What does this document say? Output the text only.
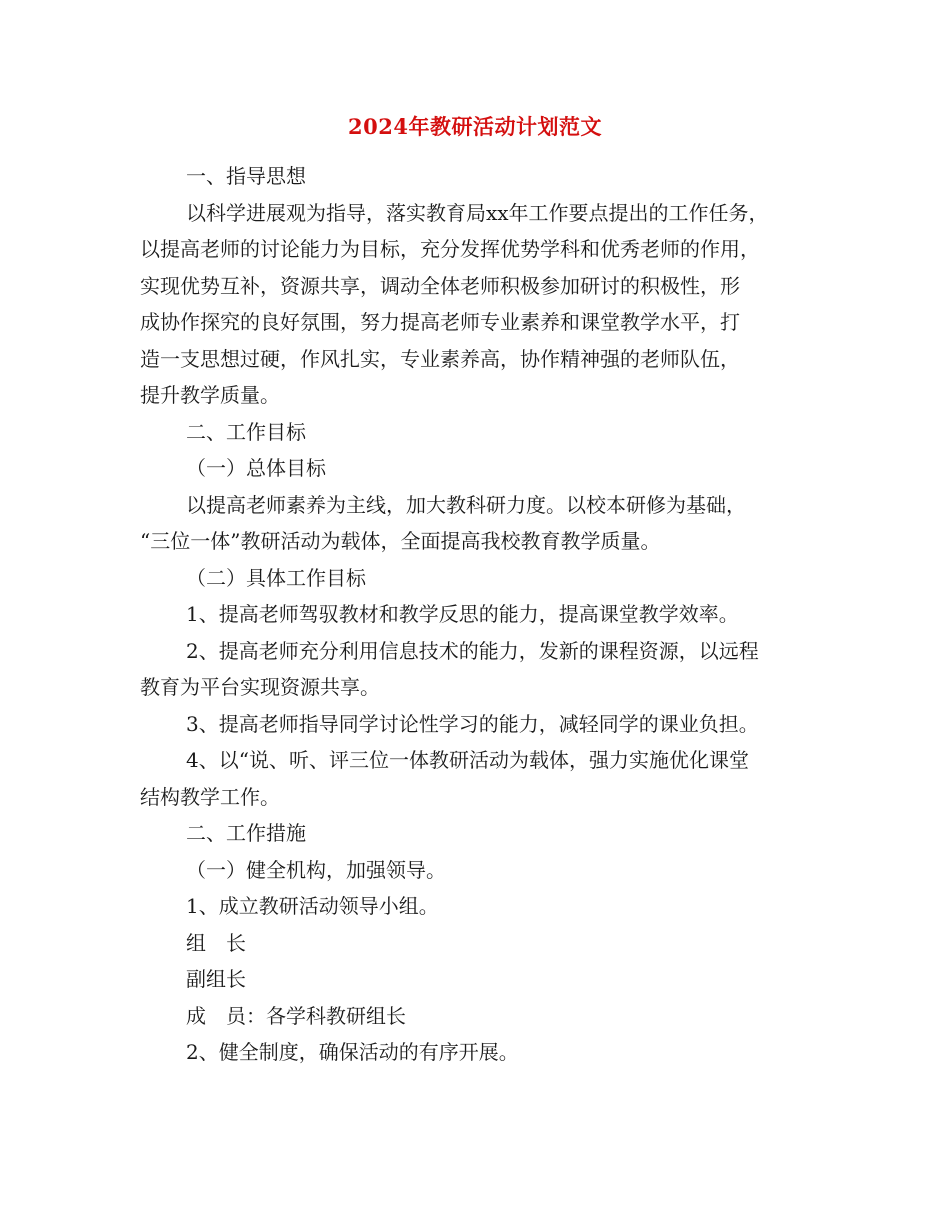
2024年教研活动计划范文

一、指导思想

以科学进展观为指导，落实教育局xx年工作要点提出的工作任务，

以提高老师的讨论能力为目标，充分发挥优势学科和优秀老师的作用，

实现优势互补，资源共享，调动全体老师积极参加研讨的积极性，形

成协作探究的良好氛围，努力提高老师专业素养和课堂教学水平，打

造一支思想过硬，作风扎实，专业素养高，协作精神强的老师队伍，

提升教学质量。

二、工作目标

（一）总体目标

以提高老师素养为主线，加大教科研力度。以校本研修为基础，

“三位一体”教研活动为载体，全面提高我校教育教学质量。

（二）具体工作目标

1、提高老师驾驭教材和教学反思的能力，提高课堂教学效率。

2、提高老师充分利用信息技术的能力，发新的课程资源，以远程

教育为平台实现资源共享。

3、提高老师指导同学讨论性学习的能力，减轻同学的课业负担。

4、以“说、听、评三位一体教研活动为载体，强力实施优化课堂

结构教学工作。

二、工作措施

（一）健全机构，加强领导。

1、成立教研活动领导小组。

组　长

副组长

成　员：各学科教研组长

2、健全制度，确保活动的有序开展。
